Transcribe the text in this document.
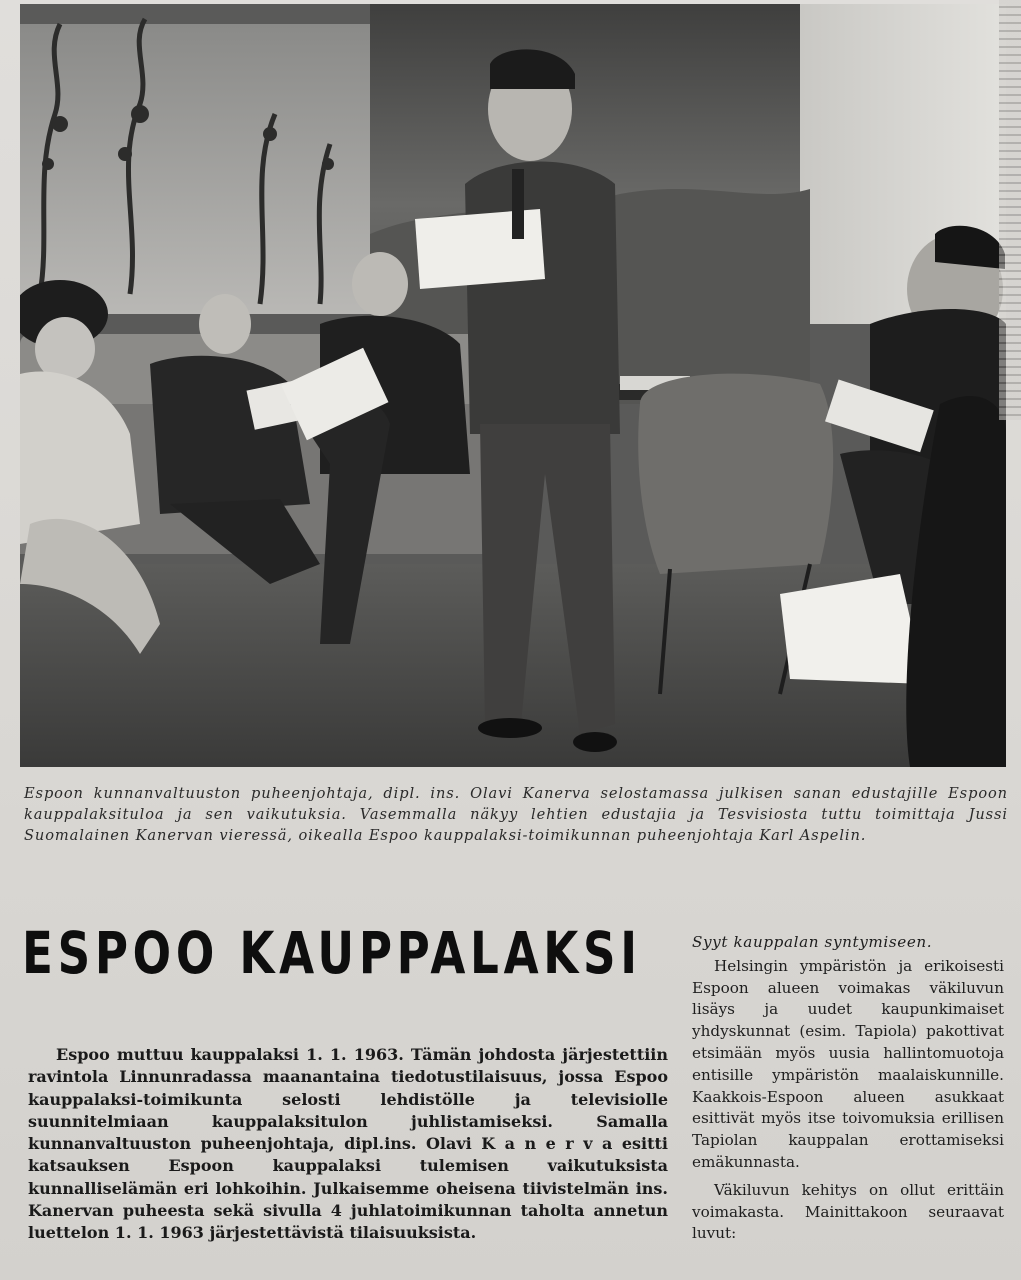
Espoon kunnanvaltuuston puheenjohtaja, dipl. ins. Olavi Kanerva selostamassa julkisen sanan edustajille Espoon kauppalaksituloa ja sen vaikutuksia. Vasemmalla näkyy lehtien edustajia ja Tesvisiosta tuttu toimittaja Jussi Suomalainen Kanervan vieressä, oikealla Espoo kauppalaksi-toimikunnan puheenjohtaja Karl Aspelin.
ESPOO KAUPPALAKSI

Espoo muttuu kauppalaksi 1. 1. 1963. Tämän johdosta järjestettiin ravintola Linnunradassa maanantaina tiedotustilaisuus, jossa Espoo kauppalaksi-toimikunta selosti lehdistölle ja televisiolle suunnitelmiaan kauppalaksitulon juhlistamiseksi. Samalla kunnanvaltuuston puheenjohtaja, dipl.ins. Olavi K a n e r v a esitti katsauksen Espoon kauppalaksi tulemisen vaikutuksista kunnalliselämän eri lohkoihin. Julkaisemme oheisena tiivistelmän ins. Kanervan puheesta sekä sivulla 4 juhlatoimikunnan taholta annetun luettelon 1. 1. 1963 järjestettävistä tilaisuuksista.

Syyt kauppalan syntymiseen.

Helsingin ympäristön ja erikoisesti Espoon alueen voimakas väkiluvun lisäys ja uudet kaupunkimaiset yhdyskunnat (esim. Tapiola) pakottivat etsimään myös uusia hallintomuotoja entisille ympäristön maalaiskunnille. Kaakkois-Espoon alueen asukkaat esittivät myös itse toivomuksia erillisen Tapiolan kauppalan erottamiseksi emäkunnasta.

Väkiluvun kehitys on ollut erittäin voimakasta. Mainittakoon seuraavat luvut:
